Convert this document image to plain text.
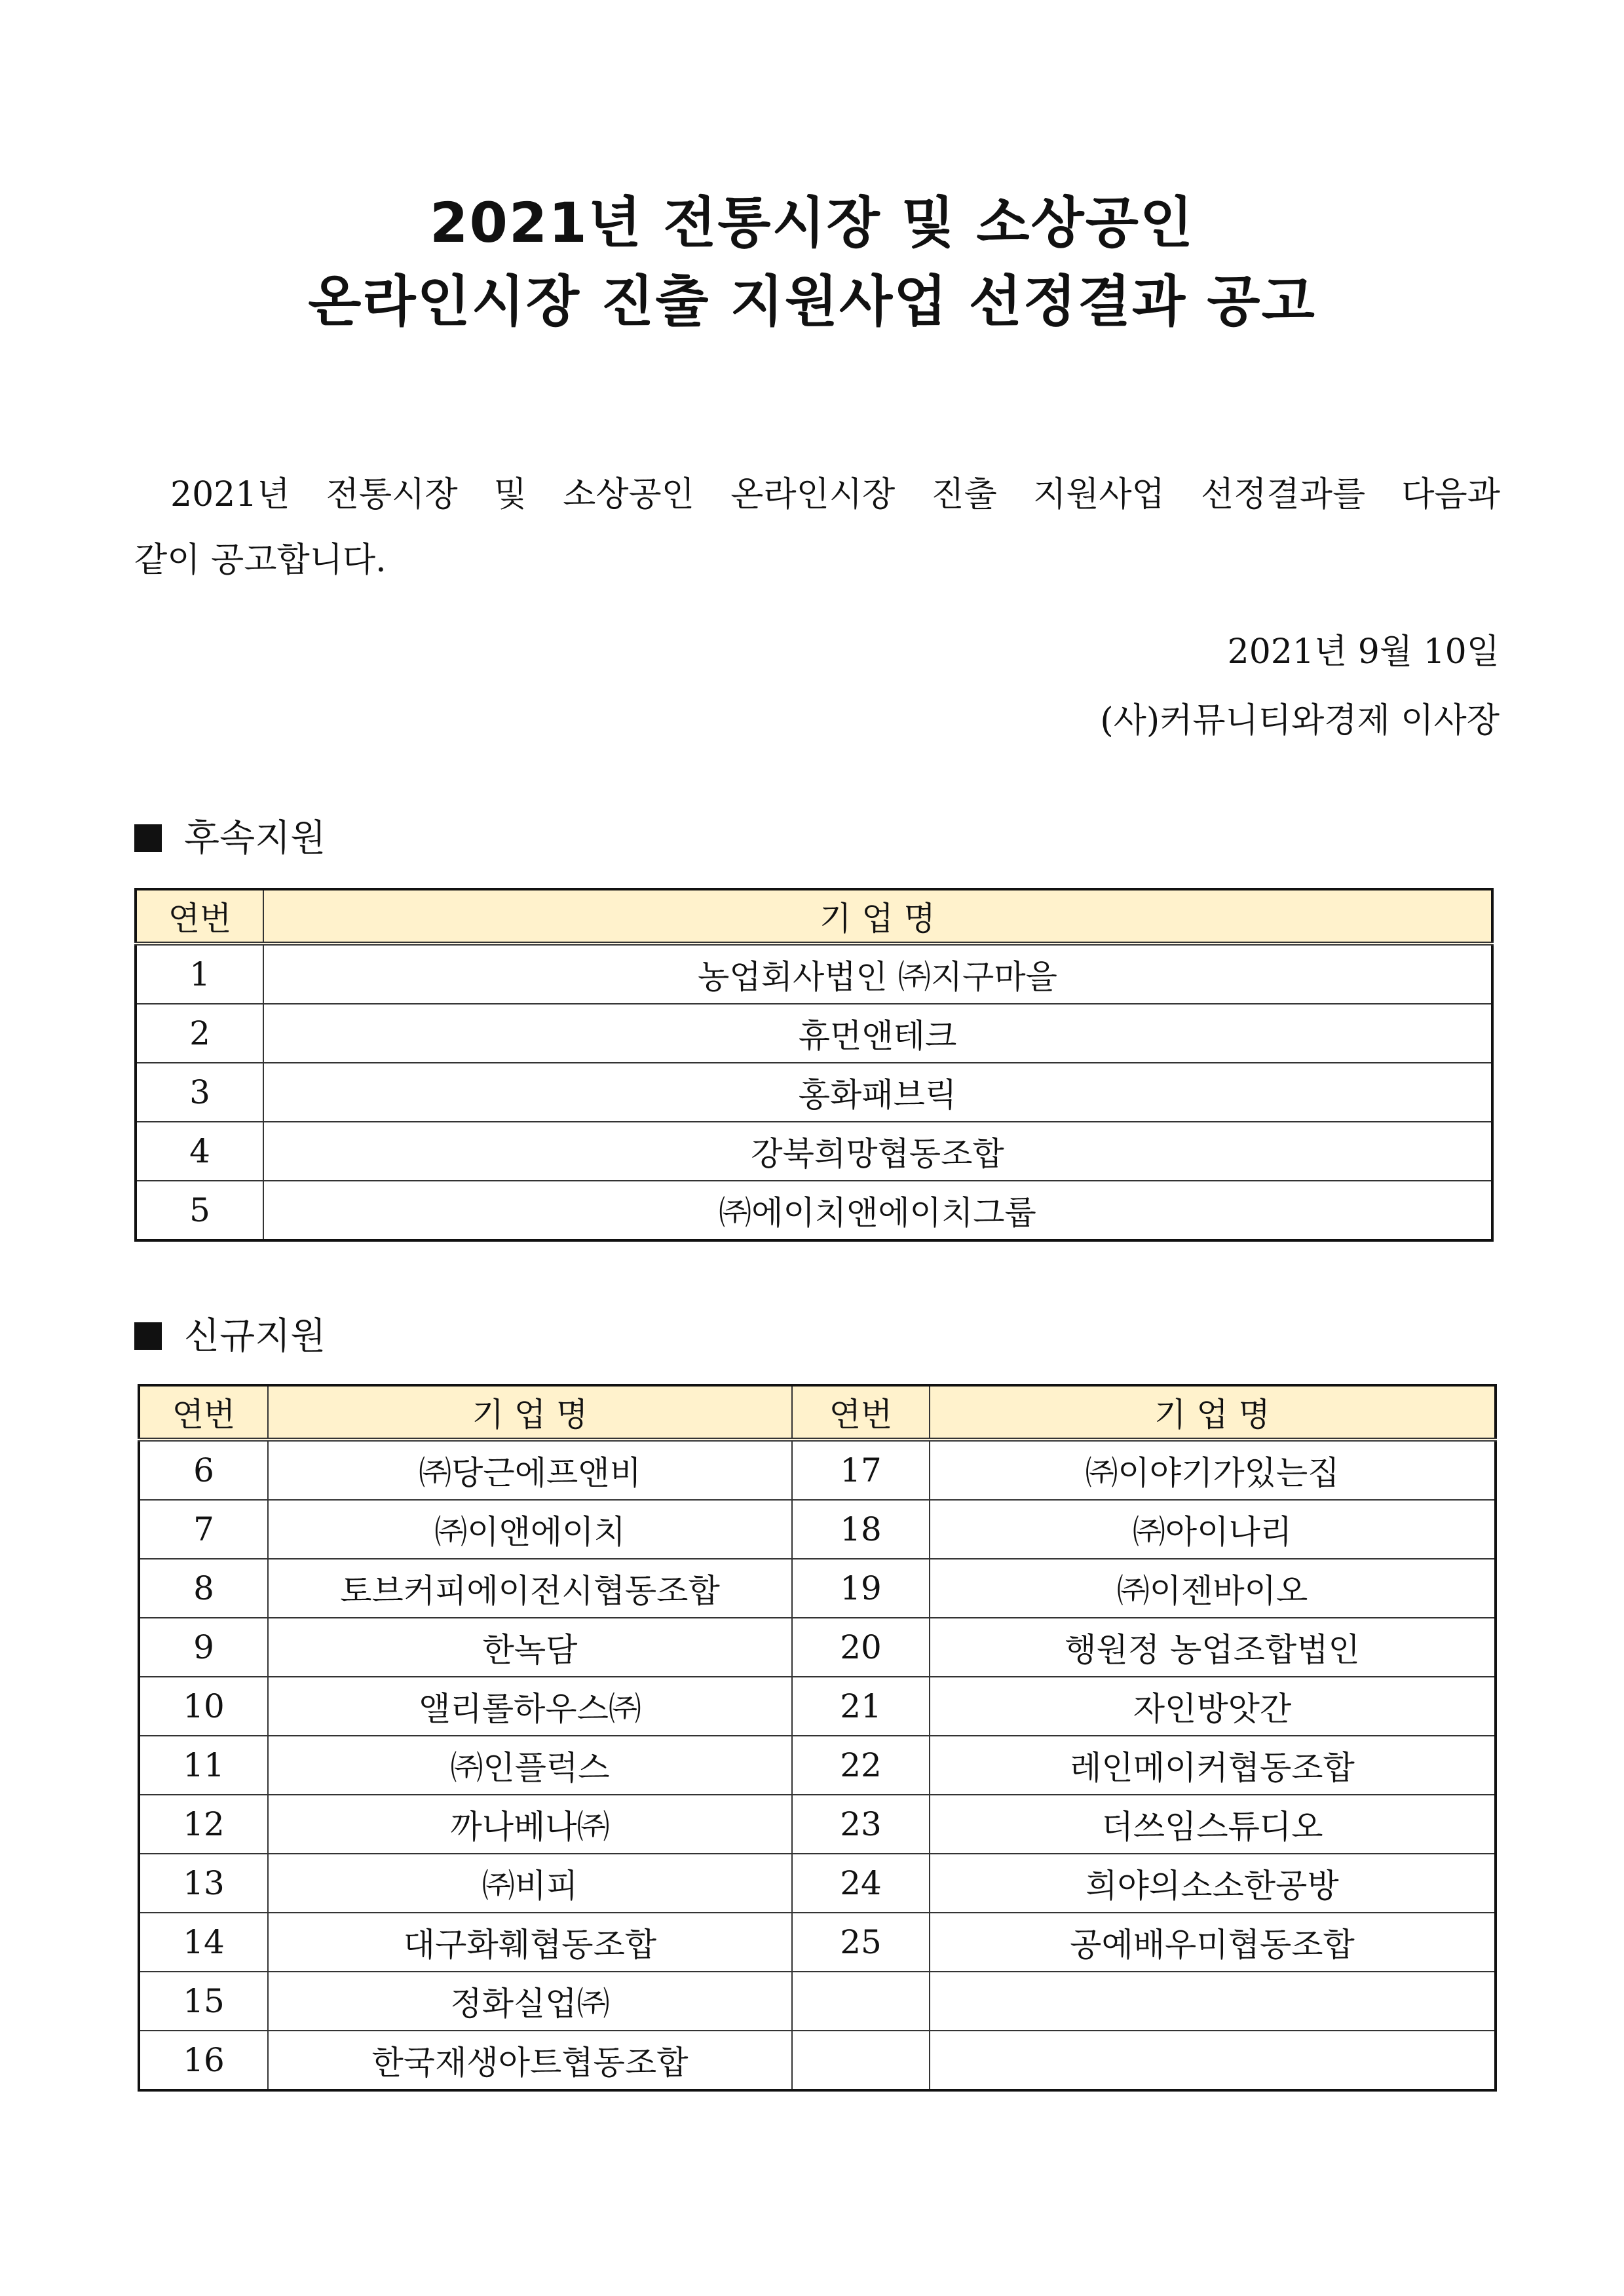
2021년 전통시장 및 소상공인
온라인시장 진출 지원사업 선정결과 공고
2021년 전통시장 및 소상공인 온라인시장 진출 지원사업 선정결과를 다음과
같이 공고합니다.
2021년 9월 10일
(사)커뮤니티와경제 이사장
후속지원
연번	기 업 명
1	농업회사법인 ㈜지구마을
2	휴먼앤테크
3	홍화패브릭
4	강북희망협동조합
5	㈜에이치앤에이치그룹
신규지원
연번	기 업 명	연번	기 업 명
6	㈜당근에프앤비	17	㈜이야기가있는집
7	㈜이앤에이치	18	㈜아이나리
8	토브커피에이전시협동조합	19	㈜이젠바이오
9	한녹담	20	행원정 농업조합법인
10	앨리롤하우스㈜	21	자인방앗간
11	㈜인플럭스	22	레인메이커협동조합
12	까나베나㈜	23	더쓰임스튜디오
13	㈜비피	24	희야의소소한공방
14	대구화훼협동조합	25	공예배우미협동조합
15	정화실업㈜		
16	한국재생아트협동조합		
